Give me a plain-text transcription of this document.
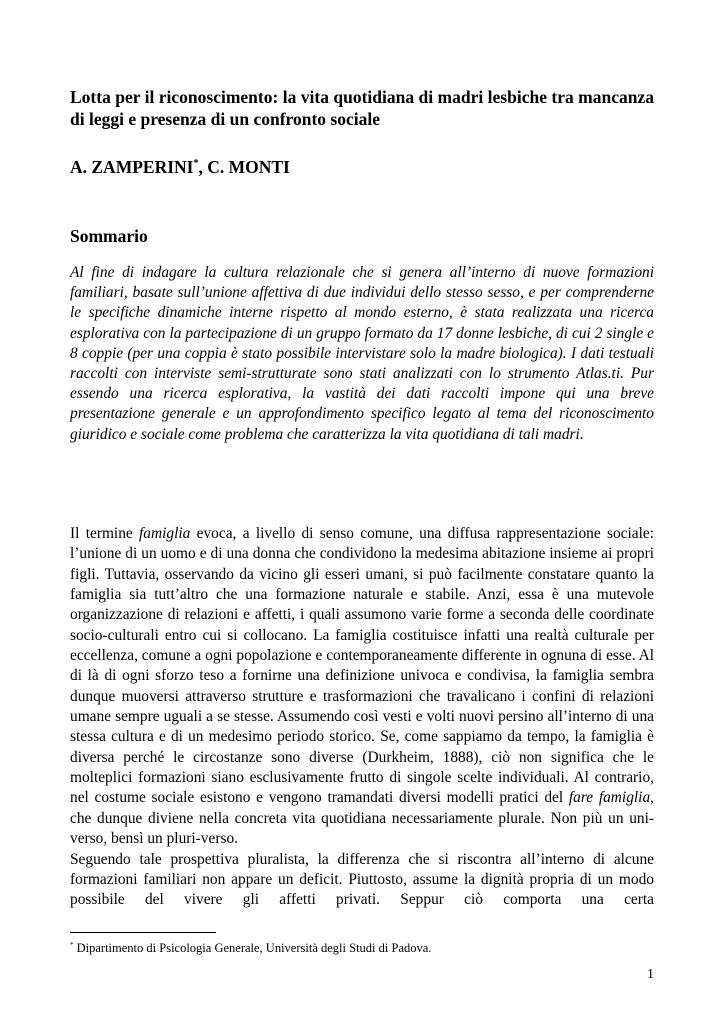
Lotta per il riconoscimento: la vita quotidiana di madri lesbiche tra mancanza di leggi e presenza di un confronto sociale
A. ZAMPERINI*, C. MONTI
Sommario

Al fine di indagare la cultura relazionale che si genera all’interno di nuove formazioni familiari, basate sull’unione affettiva di due individui dello stesso sesso, e per comprenderne le specifiche dinamiche interne rispetto al mondo esterno, è stata realizzata una ricerca esplorativa con la partecipazione di un gruppo formato da 17 donne lesbiche, di cui 2 single e 8 coppie (per una coppia è stato possibile intervistare solo la madre biologica). I dati testuali raccolti con interviste semi-strutturate sono stati analizzati con lo strumento Atlas.ti. Pur essendo una ricerca esplorativa, la vastità dei dati raccolti impone qui una breve presentazione generale e un approfondimento specifico legato al tema del riconoscimento giuridico e sociale come problema che caratterizza la vita quotidiana di tali madri.

Il termine famiglia evoca, a livello di senso comune, una diffusa rappresentazione sociale: l’unione di un uomo e di una donna che condividono la medesima abitazione insieme ai propri figli. Tuttavia, osservando da vicino gli esseri umani, si può facilmente constatare quanto la famiglia sia tutt’altro che una formazione naturale e stabile. Anzi, essa è una mutevole organizzazione di relazioni e affetti, i quali assumono varie forme a seconda delle coordinate socio-culturali entro cui si collocano. La famiglia costituisce infatti una realtà culturale per eccellenza, comune a ogni popolazione e contemporaneamente differente in ognuna di esse. Al di là di ogni sforzo teso a fornirne una definizione univoca e condivisa, la famiglia sembra dunque muoversi attraverso strutture e trasformazioni che travalicano i confini di relazioni umane sempre uguali a se stesse. Assumendo così vesti e volti nuovi persino all’interno di una stessa cultura e di un medesimo periodo storico. Se, come sappiamo da tempo, la famiglia è diversa perché le circostanze sono diverse (Durkheim, 1888), ciò non significa che le molteplici formazioni siano esclusivamente frutto di singole scelte individuali. Al contrario, nel costume sociale esistono e vengono tramandati diversi modelli pratici del fare famiglia, che dunque diviene nella concreta vita quotidiana necessariamente plurale. Non più un uni-verso, bensì un pluri-verso.

Seguendo tale prospettiva pluralista, la differenza che si riscontra all’interno di alcune formazioni familiari non appare un deficit. Piuttosto, assume la dignità propria di un modo possibile del vivere gli affetti privati. Seppur ciò comporta una certa

* Dipartimento di Psicologia Generale, Università degli Studi di Padova.
1
